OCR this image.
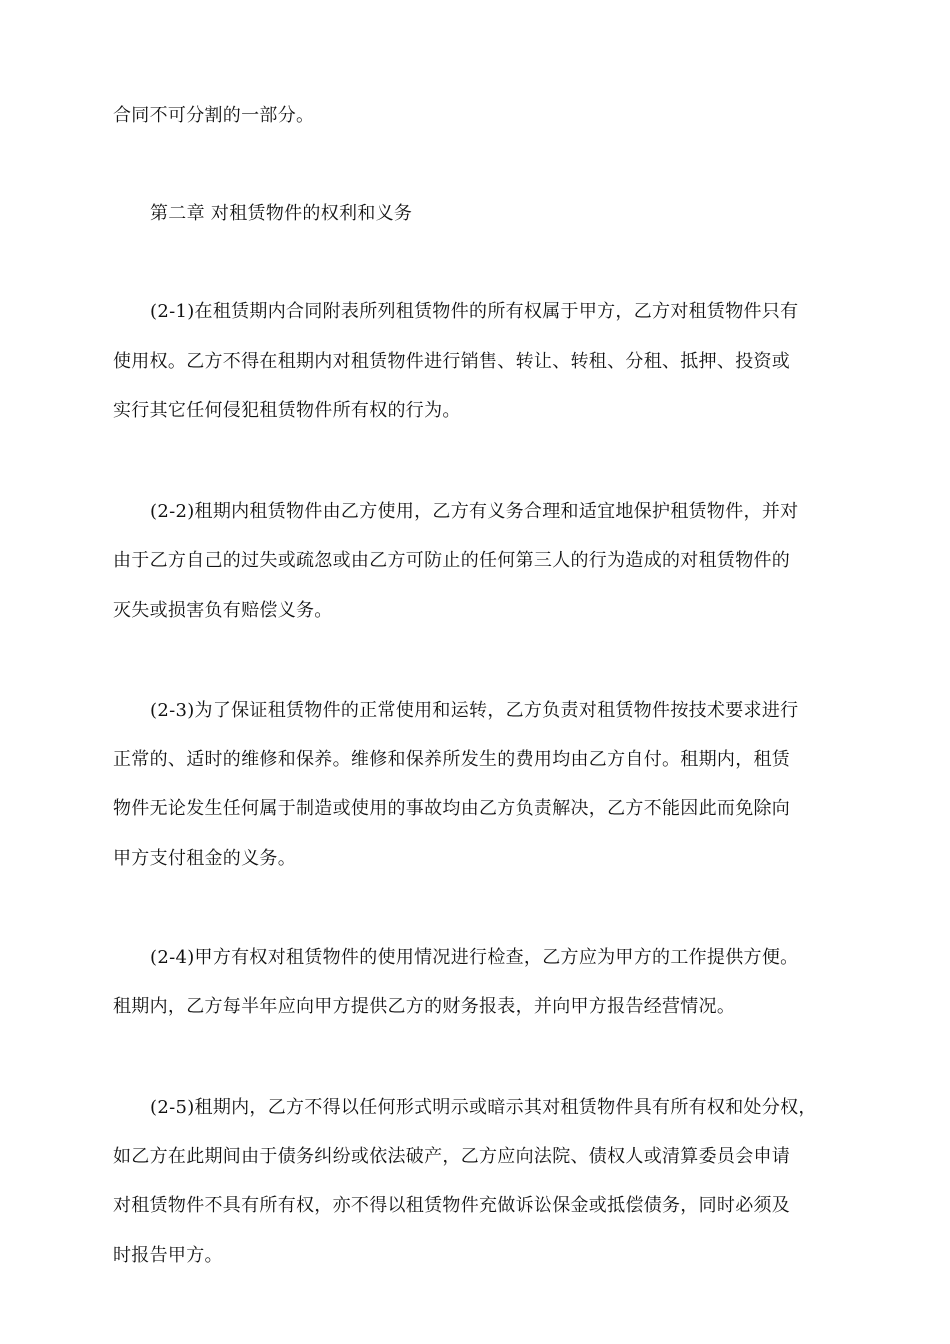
合同不可分割的一部分。
第二章 对租赁物件的权利和义务
(2-1)在租赁期内合同附表所列租赁物件的所有权属于甲方，乙方对租赁物件只有
使用权。乙方不得在租期内对租赁物件进行销售、转让、转租、分租、抵押、投资或
实行其它任何侵犯租赁物件所有权的行为。
(2-2)租期内租赁物件由乙方使用，乙方有义务合理和适宜地保护租赁物件，并对
由于乙方自己的过失或疏忽或由乙方可防止的任何第三人的行为造成的对租赁物件的
灭失或损害负有赔偿义务。
(2-3)为了保证租赁物件的正常使用和运转，乙方负责对租赁物件按技术要求进行
正常的、适时的维修和保养。维修和保养所发生的费用均由乙方自付。租期内，租赁
物件无论发生任何属于制造或使用的事故均由乙方负责解决，乙方不能因此而免除向
甲方支付租金的义务。
(2-4)甲方有权对租赁物件的使用情况进行检查，乙方应为甲方的工作提供方便。
租期内，乙方每半年应向甲方提供乙方的财务报表，并向甲方报告经营情况。
(2-5)租期内，乙方不得以任何形式明示或暗示其对租赁物件具有所有权和处分权，
如乙方在此期间由于债务纠纷或依法破产，乙方应向法院、债权人或清算委员会申请
对租赁物件不具有所有权，亦不得以租赁物件充做诉讼保金或抵偿债务，同时必须及
时报告甲方。
